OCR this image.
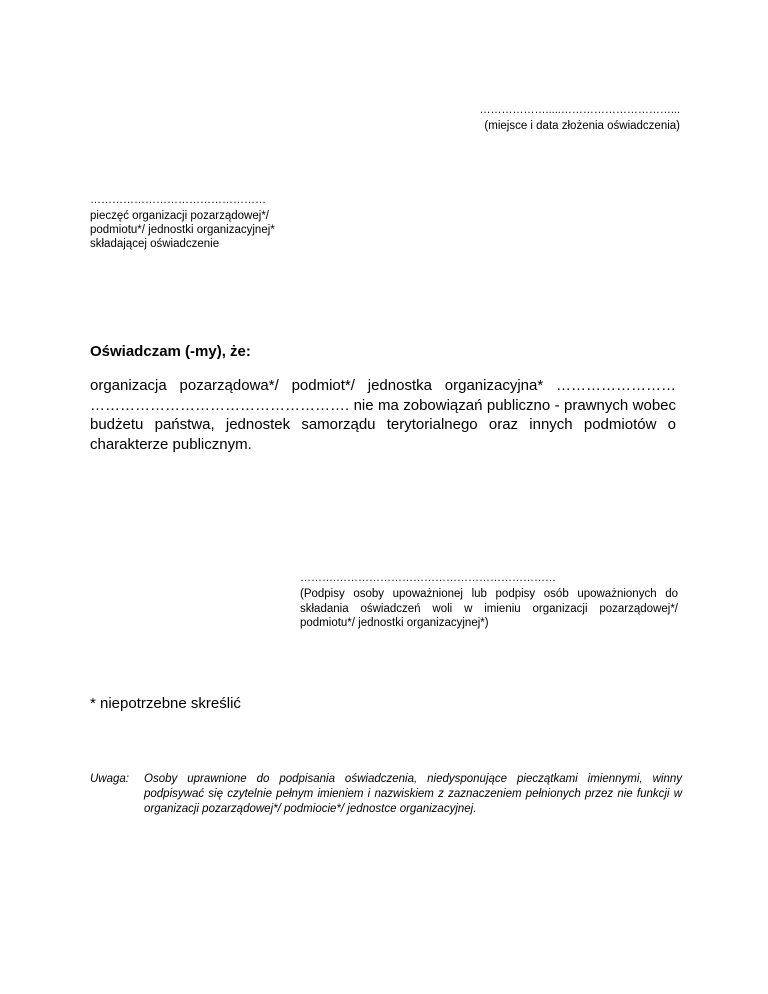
……………….....…………………………...
(miejsce i data złożenia oświadczenia)
…………………………………………
pieczęć organizacji pozarządowej*/
podmiotu*/ jednostki organizacyjnej*
składającej oświadczenie
Oświadczam (-my), że:
organizacja pozarządowa*/ podmiot*/ jednostka organizacyjna* …………………… ……………………………………………. nie ma zobowiązań publiczno - prawnych wobec budżetu państwa, jednostek samorządu terytorialnego oraz innych podmiotów o charakterze publicznym.
……….……………………………………………………
(Podpisy osoby upoważnionej lub podpisy osób upoważnionych do składania oświadczeń woli w imieniu organizacji pozarządowej*/ podmiotu*/ jednostki organizacyjnej*)
* niepotrzebne skreślić
Uwaga: Osoby uprawnione do podpisania oświadczenia, niedysponujące pieczątkami imiennymi, winny podpisywać się czytelnie pełnym imieniem i nazwiskiem z zaznaczeniem pełnionych przez nie funkcji w organizacji pozarządowej*/ podmiocie*/ jednostce organizacyjnej.
